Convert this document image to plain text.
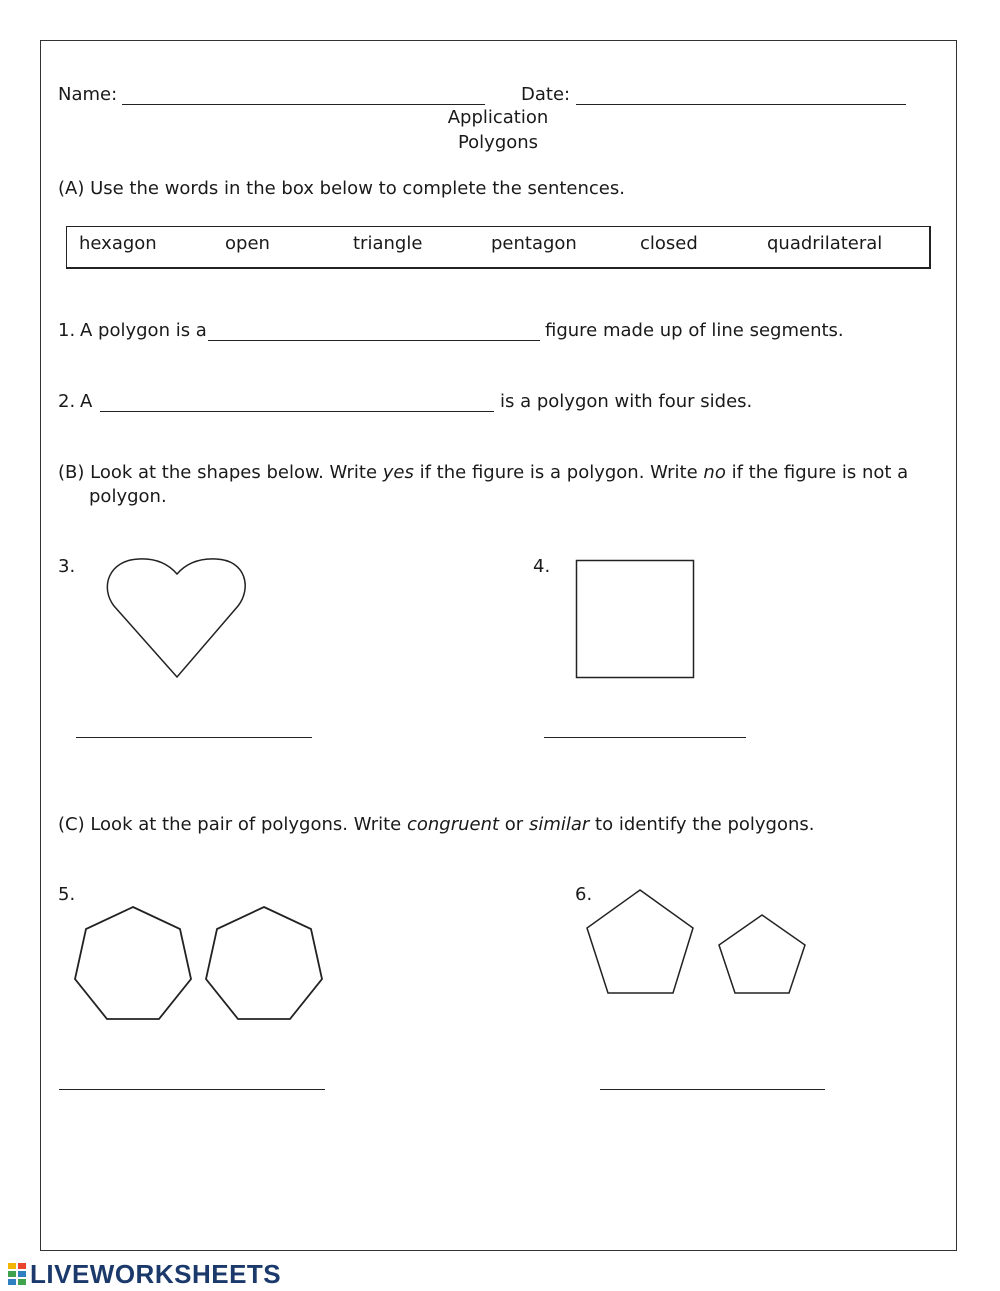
Name:	Date:
Application
Polygons
(A) Use the words in the box below to complete the sentences.
hexagon	open	triangle	pentagon	closed	quadrilateral
1. A polygon is a	figure made up of line segments.
2. A	is a polygon with four sides.
(B) Look at the shapes below. Write yes if the figure is a polygon. Write no if the figure is not a
polygon.
3.	4.
(C) Look at the pair of polygons. Write congruent or similar to identify the polygons.
5.	6.
LIVEWORKSHEETS
